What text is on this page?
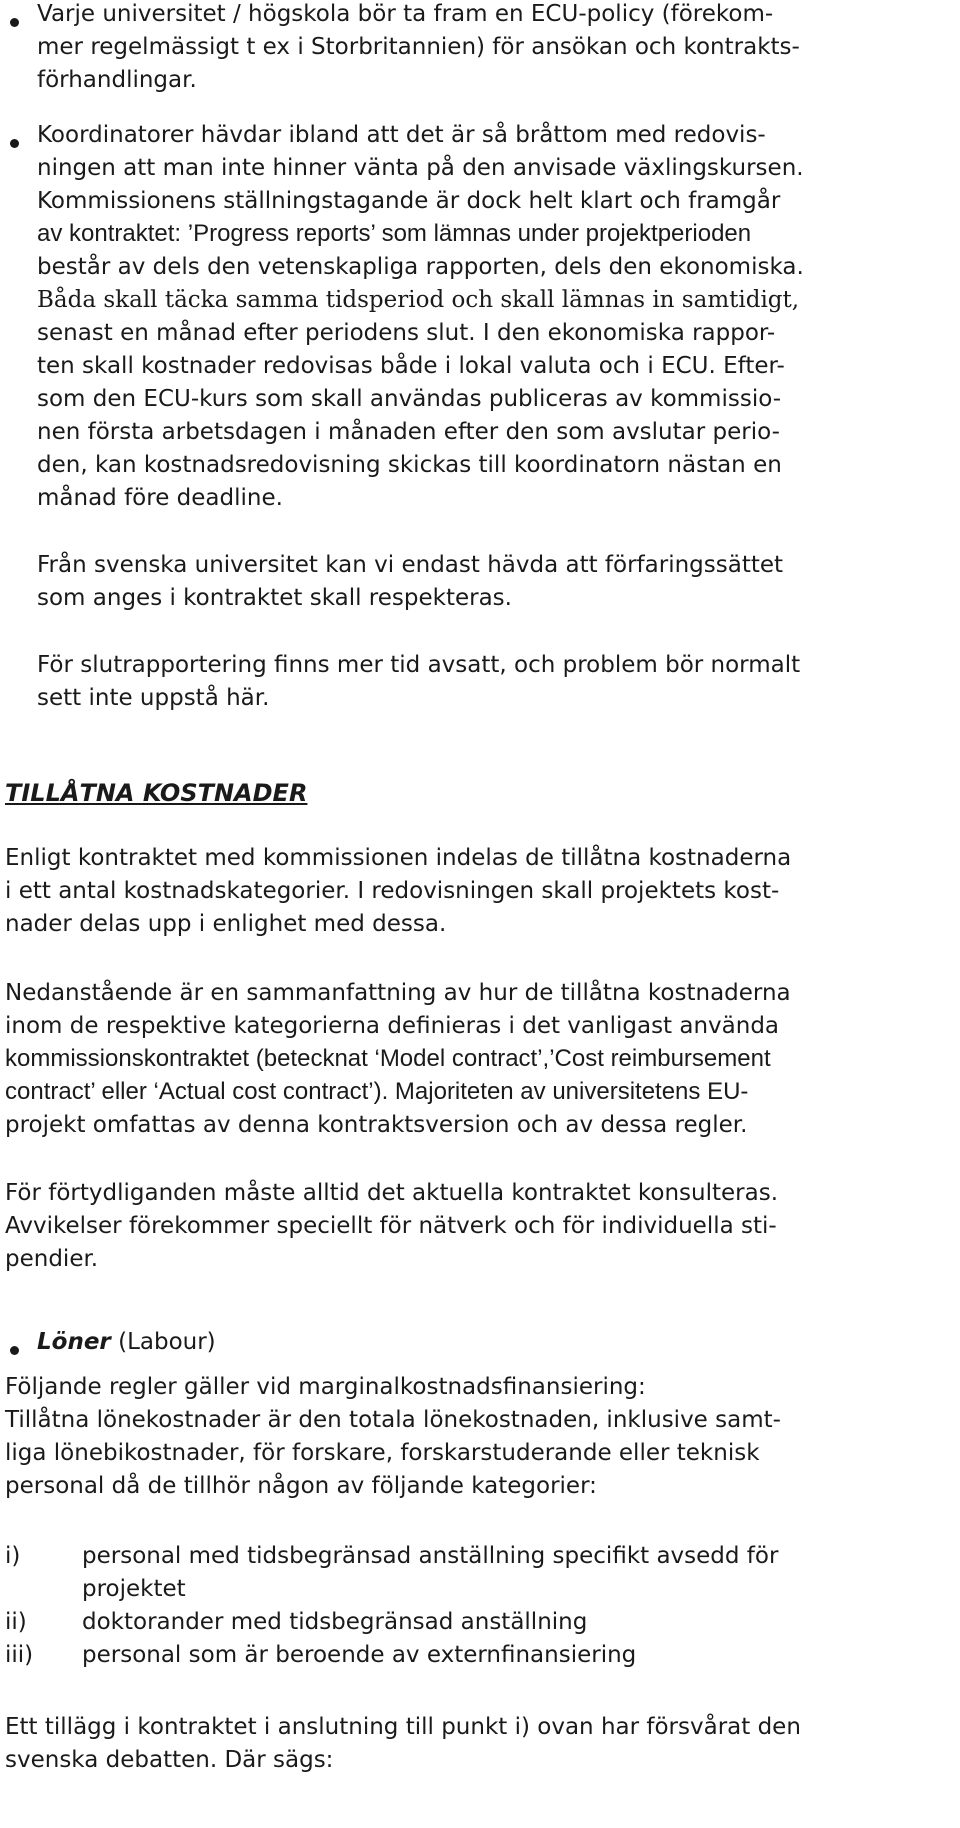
Varje universitet / högskola bör ta fram en ECU-policy (förekom-
mer regelmässigt t ex i Storbritannien) för ansökan och kontrakts-
förhandlingar.
Koordinatorer hävdar ibland att det är så bråttom med redovis-
ningen att man inte hinner vänta på den anvisade växlingskursen.
Kommissionens ställningstagande är dock helt klart och framgår
av kontraktet: ’Progress reports’ som lämnas under projektperioden
består av dels den vetenskapliga rapporten, dels den ekonomiska.
Båda skall täcka samma tidsperiod och skall lämnas in samtidigt,
senast en månad efter periodens slut. I den ekonomiska rappor-
ten skall kostnader redovisas både i lokal valuta och i ECU. Efter-
som den ECU-kurs som skall användas publiceras av kommissio-
nen första arbetsdagen i månaden efter den som avslutar perio-
den, kan kostnadsredovisning skickas till koordinatorn nästan en
månad före deadline.
Från svenska universitet kan vi endast hävda att förfaringssättet
som anges i kontraktet skall respekteras.
För slutrapportering finns mer tid avsatt, och problem bör normalt
sett inte uppstå här.
TILLÅTNA KOSTNADER
Enligt kontraktet med kommissionen indelas de tillåtna kostnaderna
i ett antal kostnadskategorier. I redovisningen skall projektets kost-
nader delas upp i enlighet med dessa.
Nedanstående är en sammanfattning av hur de tillåtna kostnaderna
inom de respektive kategorierna definieras i det vanligast använda
kommissionskontraktet (betecknat ‘Model contract’,’Cost reimbursement
contract’ eller ‘Actual cost contract’). Majoriteten av universitetens EU-
projekt omfattas av denna kontraktsversion och av dessa regler.
För förtydliganden måste alltid det aktuella kontraktet konsulteras.
Avvikelser förekommer speciellt för nätverk och för individuella sti-
pendier.
Löner (Labour)
Följande regler gäller vid marginalkostnadsfinansiering:
Tillåtna lönekostnader är den totala lönekostnaden, inklusive samt-
liga lönebikostnader, för forskare, forskarstuderande eller teknisk
personal då de tillhör någon av följande kategorier:
i)	personal med tidsbegränsad anställning specifikt avsedd för
projektet
ii) doktorander med tidsbegränsad anställning
iii) personal som är beroende av externfinansiering
Ett tillägg i kontraktet i anslutning till punkt i) ovan har försvårat den
svenska debatten. Där sägs:
